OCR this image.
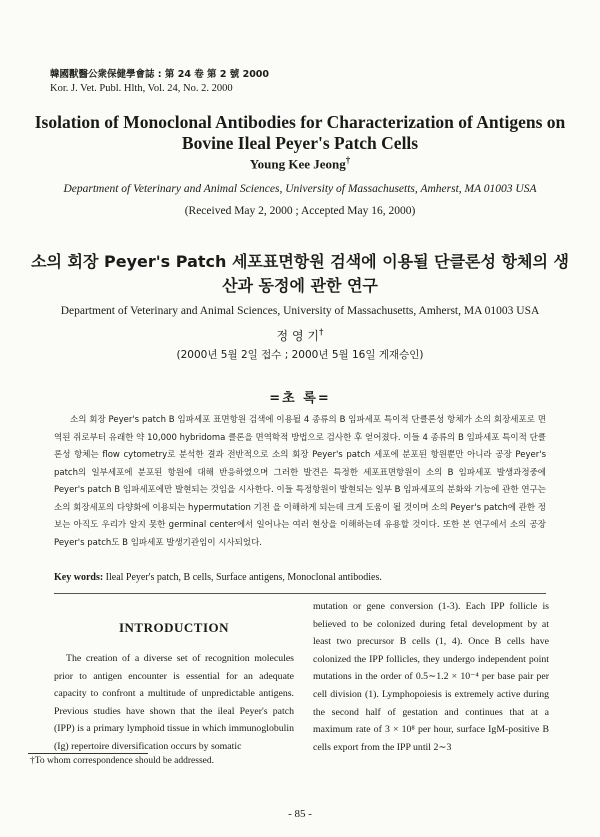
韓國獸醫公衆保健學會誌 : 第 24 卷 第 2 號 2000
Kor. J. Vet. Publ. Hlth, Vol. 24, No. 2. 2000
Isolation of Monoclonal Antibodies for Characterization of Antigens on Bovine Ileal Peyer's Patch Cells
Young Kee Jeong†
Department of Veterinary and Animal Sciences, University of Massachusetts, Amherst, MA 01003 USA
(Received May 2, 2000 ; Accepted May 16, 2000)
소의 회장 Peyer's Patch 세포표면항원 검색에 이용될 단클론성 항체의 생산과 동정에 관한 연구
Department of Veterinary and Animal Sciences, University of Massachusetts, Amherst, MA 01003 USA
정 영 기†
(2000년 5월 2일 접수 ; 2000년 5월 16일 게재승인)
=초 록=
소의 회장 Peyer's patch B 임파세포 표면항원 검색에 이용될 4 종류의 B 임파세포 특이적 단클론성 항체가 소의 회장세포로 면역된 쥐로부터 유래한 약 10,000 hybridoma 클론을 면역학적 방법으로 검사한 후 얻어졌다. 이들 4 종류의 B 임파세포 특이적 단클론성 항체는 flow cytometry로 분석한 결과 전반적으로 소의 회장 Peyer's patch 세포에 분포된 항원뿐만 아니라 공장 Peyer's patch의 일부세포에 분포된 항원에 대해 반응하였으며 그러한 발견은 특정한 세포표면항원이 소의 B 임파세포 발생과정중에 Peyer's patch B 임파세포에만 발현되는 것임을 시사한다. 이들 특정항원이 발현되는 일부 B 임파세포의 분화와 기능에 관한 연구는 소의 회장세포의 다양화에 이용되는 hypermutation 기전 을 이해하게 되는데 크게 도움이 될 것이며 소의 Peyer's patch에 관한 정보는 아직도 우리가 알지 못한 germinal center에서 일어나는 여러 현상을 이해하는데 유용할 것이다. 또한 본 연구에서 소의 공장 Peyer's patch도 B 임파세포 발생기관임이 시사되었다.
Key words: Ileal Peyer's patch, B cells, Surface antigens, Monoclonal antibodies.
INTRODUCTION
The creation of a diverse set of recognition molecules prior to antigen encounter is essential for an adequate capacity to confront a multitude of unpredictable antigens. Previous studies have shown that the ileal Peyer's patch (IPP) is a primary lymphoid tissue in which immunoglobulin (Ig) repertoire diversification occurs by somatic
mutation or gene conversion (1-3). Each IPP follicle is believed to be colonized during fetal development by at least two precursor B cells (1, 4). Once B cells have colonized the IPP follicles, they undergo independent point mutations in the order of 0.5∼1.2 × 10⁻⁴ per base pair per cell division (1). Lymphopoiesis is extremely active during the second half of gestation and continues that at a maximum rate of 3 × 10⁸ per hour, surface IgM-positive B cells export from the IPP until 2∼3
†To whom correspondence should be addressed.
- 85 -
